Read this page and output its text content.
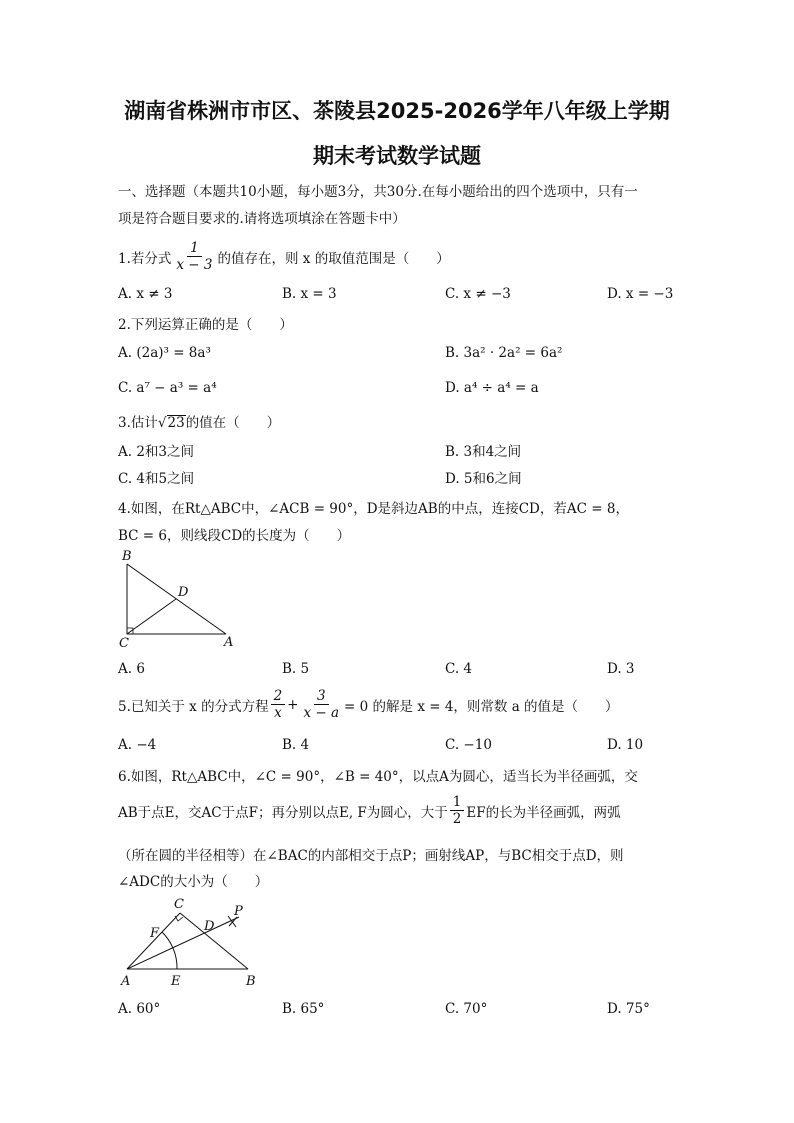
湖南省株洲市市区、茶陵县2025-2026学年八年级上学期
期末考试数学试题
一、选择题（本题共10小题，每小题3分，共30分.在每小题给出的四个选项中，只有一
项是符合题目要求的.请将选项填涂在答题卡中）
1.若分式 $\frac{1}{x - 3}$ 的值存在，则 x 的取值范围是（　　）
A. x ≠ 3	B. x = 3	C. x ≠ −3	D. x = −3
2.下列运算正确的是（　　）
A. (2a)³ = 8a³	B. 3a² · 2a² = 6a²
C. a⁷ − a³ = a⁴	D. a⁴ ÷ a⁴ = a
3.估计√23的值在（　　）
A. 2和3之间	B. 3和4之间
C. 4和5之间	D. 5和6之间
4.如图，在Rt△ABC中，∠ACB = 90°，D是斜边AB的中点，连接CD，若AC = 8，
BC = 6，则线段CD的长度为（　　）
B
D
C	A
A. 6	B. 5	C. 4	D. 3
5.已知关于 x 的分式方程 $\frac{2}{x} + \frac{3}{x - a} = 0$ 的解是 x = 4，则常数 a 的值是（　　）
A. −4	B. 4	C. −10	D. 10
6.如图，Rt△ABC中，∠C = 90°，∠B = 40°，以点A为圆心，适当长为半径画弧，交
AB于点E，交AC于点F；再分别以点E, F为圆心，大于 $\frac{1}{2}$ EF的长为半径画弧，两弧
（所在圆的半径相等）在∠BAC的内部相交于点P；画射线AP，与BC相交于点D，则
∠ADC的大小为（　　）
C	P
F	D
A	E	B
A. 60°	B. 65°	C. 70°	D. 75°
